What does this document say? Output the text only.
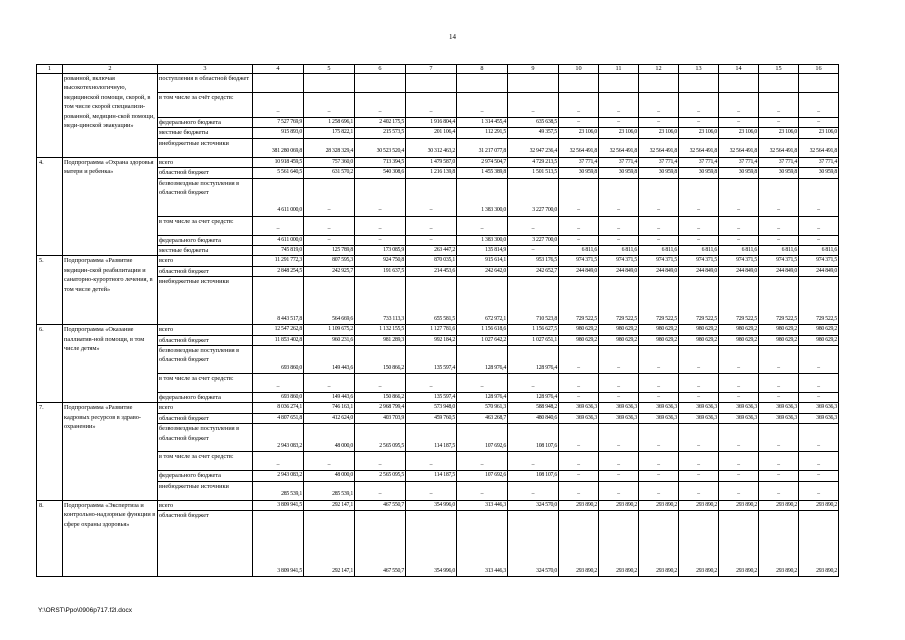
14
1	2	3	4	5	6	7	8	9	10	11	12	13	14	15	16
	рованной, включая высокотехнологичную, медицинской помощи, скорой, в том числе скорой специализи-рованной, медицин-ской помощи, меди-цинской эвакуации»	поступления в областной бюджет													
		в том числе за счёт средств:	–	–	–	–	–	–	–	–	–	–	–	–	–
		федерального бюджета	7 527 769,9	1 258 696,1	2 402 175,5	1 916 804,4	1 314 455,4	635 638,5	–	–	–	–	–	–	–
		местные бюджеты	915 893,0	175 822,1	215 573,5	201 106,4	112 291,5	49 357,5	23 106,0	23 106,0	23 106,0	23 106,0	23 106,0	23 106,0	23 106,0
		внебюджетные источники	381 280 069,8	28 328 329,4	30 523 520,4	30 312 463,2	31 217 077,8	32 947 236,4	32 564 491,8	32 564 491,8	32 564 491,8	32 564 491,8	32 564 491,8	32 564 491,8	32 564 491,8
4.	Подпрограмма «Охрана здоровья матери и ребенка»	всего	10 918 459,5	757 360,0	713 394,5	1 479 587,0	2 974 504,7	4 729 213,5	37 771,4	37 771,4	37 771,4	37 771,4	37 771,4	37 771,4	37 771,4
		областной бюджет	5 561 640,5	631 570,2	540 308,6	1 216 139,8	1 455 389,8	1 501 513,5	30 959,8	30 959,8	30 959,8	30 959,8	30 959,8	30 959,8	30 959,8
		безвозмездные поступления в областной бюджет	4 611 000,0	–	–	–	1 383 300,0	3 227 700,0	–	–	–	–	–	–	–
		в том числе за счет средств:	–	–	–	–	–	–	–	–	–	–	–	–	–
		федерального бюджета	4 611 000,0	–	–	–	1 383 300,0	3 227 700,0	–	–	–	–	–	–	–
		местные бюджеты	745 819,0	125 789,8	173 085,9	263 447,2	135 814,9	–	6 811,6	6 811,6	6 811,6	6 811,6	6 811,6	6 811,6	6 811,6
5.	Подпрограмма «Развитие медицин-ской реабилитации и санаторно-курортного лечения, в том числе детей»	всего	11 291 772,3	807 595,3	924 750,8	870 035,1	915 614,1	953 176,5	974 371,5	974 371,5	974 371,5	974 371,5	974 371,5	974 371,5	974 371,5
		областной бюджет	2 848 254,5	242 925,7	191 637,5	214 453,6	242 642,0	242 652,7	244 849,0	244 849,0	244 849,0	244 849,0	244 849,0	244 849,0	244 849,0
		внебюджетные источники	8 443 517,8	564 669,6	733 113,3	655 581,5	672 972,1	710 523,8	729 522,5	729 522,5	729 522,5	729 522,5	729 522,5	729 522,5	729 522,5
6.	Подпрограмма «Оказание паллиатив-ной помощи, в том числе детям»	всего	12 547 262,8	1 109 675,2	1 132 155,5	1 127 781,6	1 156 618,6	1 156 627,5	980 629,2	980 629,2	980 629,2	980 629,2	980 629,2	980 629,2	980 629,2
		областной бюджет	11 853 402,8	960 231,6	981 289,3	992 184,2	1 027 642,2	1 027 651,1	980 629,2	980 629,2	980 629,2	980 629,2	980 629,2	980 629,2	980 629,2
		безвозмездные поступления в областной бюджет	693 860,0	149 443,6	150 866,2	135 597,4	128 976,4	128 976,4	–	–	–	–	–	–	–
		в том числе за счет средств:	–	–	–	–	–	–	–	–	–	–	–	–	–
		федерального бюджета	693 860,0	149 443,6	150 866,2	135 597,4	128 976,4	128 976,4	–	–	–	–	–	–	–
7.	Подпрограмма «Развитие кадровых ресурсов в здраво-охранении»	всего	8 036 274,1	746 163,1	2 968 799,4	573 948,0	570 961,3	588 948,2	369 636,3	369 636,3	369 636,3	369 636,3	369 636,3	369 636,3	369 636,3
		областной бюджет	4 807 651,8	412 624,0	403 703,9	459 760,5	463 268,7	480 840,6	369 636,3	369 636,3	369 636,3	369 636,3	369 636,3	369 636,3	369 636,3
		безвозмездные поступления в областной бюджет	2 943 083,2	48 000,0	2 565 095,5	114 187,5	107 692,6	108 107,6	–	–	–	–	–	–	–
		в том числе за счет средств:	–	–	–	–	–	–	–	–	–	–	–	–	–
		федерального бюджета	2 943 083,2	48 000,0	2 565 095,5	114 187,5	107 692,6	108 107,6	–	–	–	–	–	–	–
		внебюджетные источники	285 539,1	285 539,1	–	–	–	–	–	–	–	–	–	–	–
8.	Подпрограмма «Экспертиза и контрольно-надзорные функции в сфере охраны здоровья»	всего	3 809 941,5	292 147,1	467 550,7	354 996,0	313 446,3	324 570,0	293 890,2	293 890,2	293 890,2	293 890,2	293 890,2	293 890,2	293 890,2
		областной бюджет	3 809 941,5	292 147,1	467 550,7	354 996,0	313 446,3	324 570,0	293 890,2	293 890,2	293 890,2	293 890,2	293 890,2	293 890,2	293 890,2
Y:\ORST\Ppo\0906p717.f2l.docx
